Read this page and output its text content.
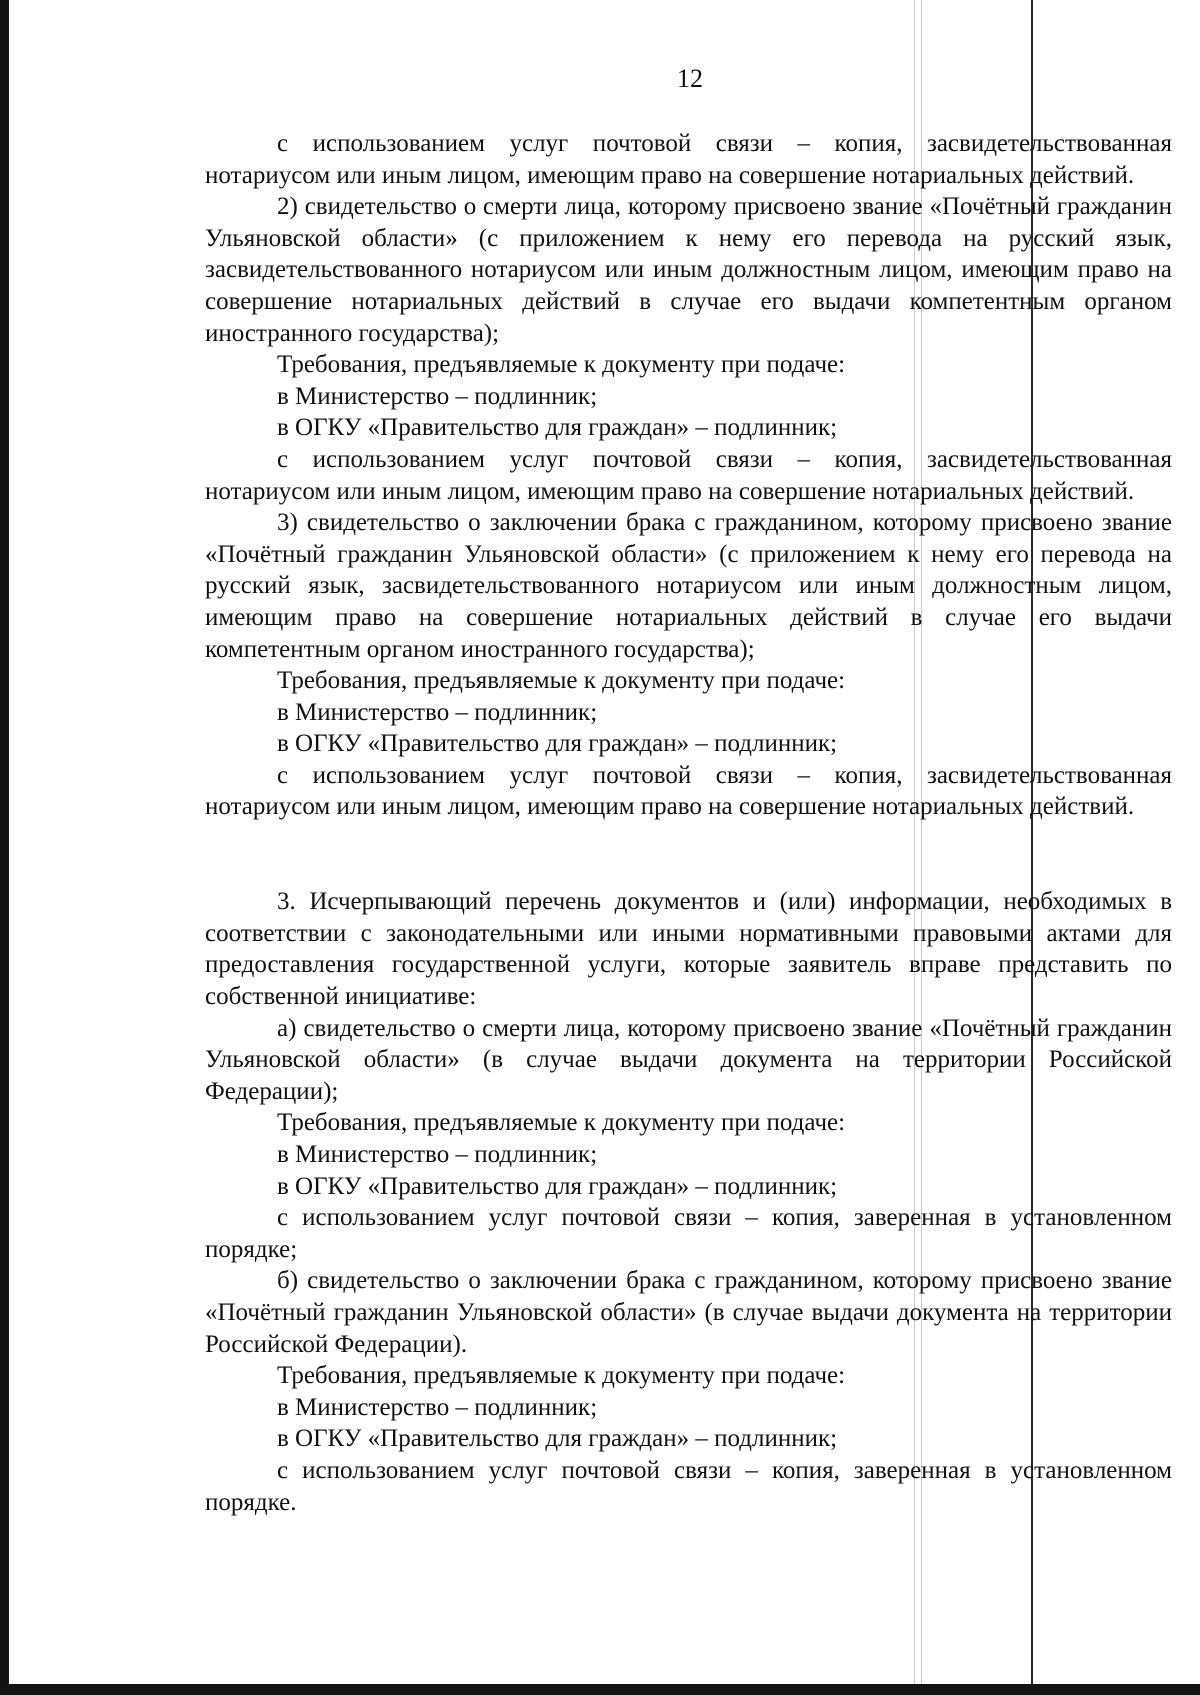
12

с использованием услуг почтовой связи – копия, засвидетельствованная нотариусом или иным лицом, имеющим право на совершение нотариальных действий.

2) свидетельство о смерти лица, которому присвоено звание «Почётный гражданин Ульяновской области» (с приложением к нему его перевода на русский язык, засвидетельствованного нотариусом или иным должностным лицом, имеющим право на совершение нотариальных действий в случае его выдачи компетентным органом иностранного государства);

Требования, предъявляемые к документу при подаче:

в Министерство – подлинник;

в ОГКУ «Правительство для граждан» – подлинник;

с использованием услуг почтовой связи – копия, засвидетельствованная нотариусом или иным лицом, имеющим право на совершение нотариальных действий.

3) свидетельство о заключении брака с гражданином, которому присвоено звание «Почётный гражданин Ульяновской области» (с приложением к нему его перевода на русский язык, засвидетельствованного нотариусом или иным должностным лицом, имеющим право на совершение нотариальных действий в случае его выдачи компетентным органом иностранного государства);

Требования, предъявляемые к документу при подаче:

в Министерство – подлинник;

в ОГКУ «Правительство для граждан» – подлинник;

с использованием услуг почтовой связи – копия, засвидетельствованная нотариусом или иным лицом, имеющим право на совершение нотариальных действий.

3. Исчерпывающий перечень документов и (или) информации, необходимых в соответствии с законодательными или иными нормативными правовыми актами для предоставления государственной услуги, которые заявитель вправе представить по собственной инициативе:

а) свидетельство о смерти лица, которому присвоено звание «Почётный гражданин Ульяновской области» (в случае выдачи документа на территории Российской Федерации);

Требования, предъявляемые к документу при подаче:

в Министерство – подлинник;

в ОГКУ «Правительство для граждан» – подлинник;

с использованием услуг почтовой связи – копия, заверенная в установленном порядке;

б) свидетельство о заключении брака с гражданином, которому присвоено звание «Почётный гражданин Ульяновской области» (в случае выдачи документа на территории Российской Федерации).

Требования, предъявляемые к документу при подаче:

в Министерство – подлинник;

в ОГКУ «Правительство для граждан» – подлинник;

с использованием услуг почтовой связи – копия, заверенная в установленном порядке.
